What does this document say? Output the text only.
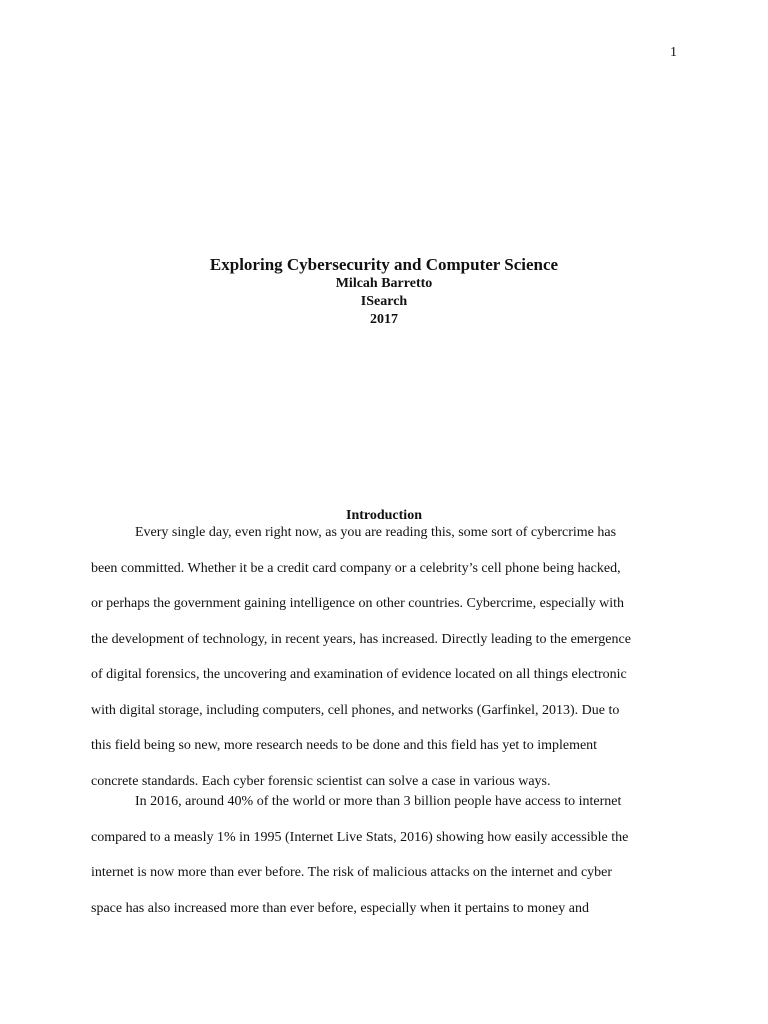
1
Exploring Cybersecurity and Computer Science
Milcah Barretto
ISearch
2017
Introduction
Every single day, even right now, as you are reading this, some sort of cybercrime has
been committed. Whether it be a credit card company or a celebrity’s cell phone being hacked,
or perhaps the government gaining intelligence on other countries. Cybercrime, especially with
the development of technology, in recent years, has increased. Directly leading to the emergence
of digital forensics, the uncovering and examination of evidence located on all things electronic
with digital storage, including computers, cell phones, and networks (Garfinkel, 2013). Due to
this field being so new, more research needs to be done and this field has yet to implement
concrete standards. Each cyber forensic scientist can solve a case in various ways.
In 2016, around 40% of the world or more than 3 billion people have access to internet
compared to a measly 1% in 1995 (Internet Live Stats, 2016) showing how easily accessible the
internet is now more than ever before. The risk of malicious attacks on the internet and cyber
space has also increased more than ever before, especially when it pertains to money and
